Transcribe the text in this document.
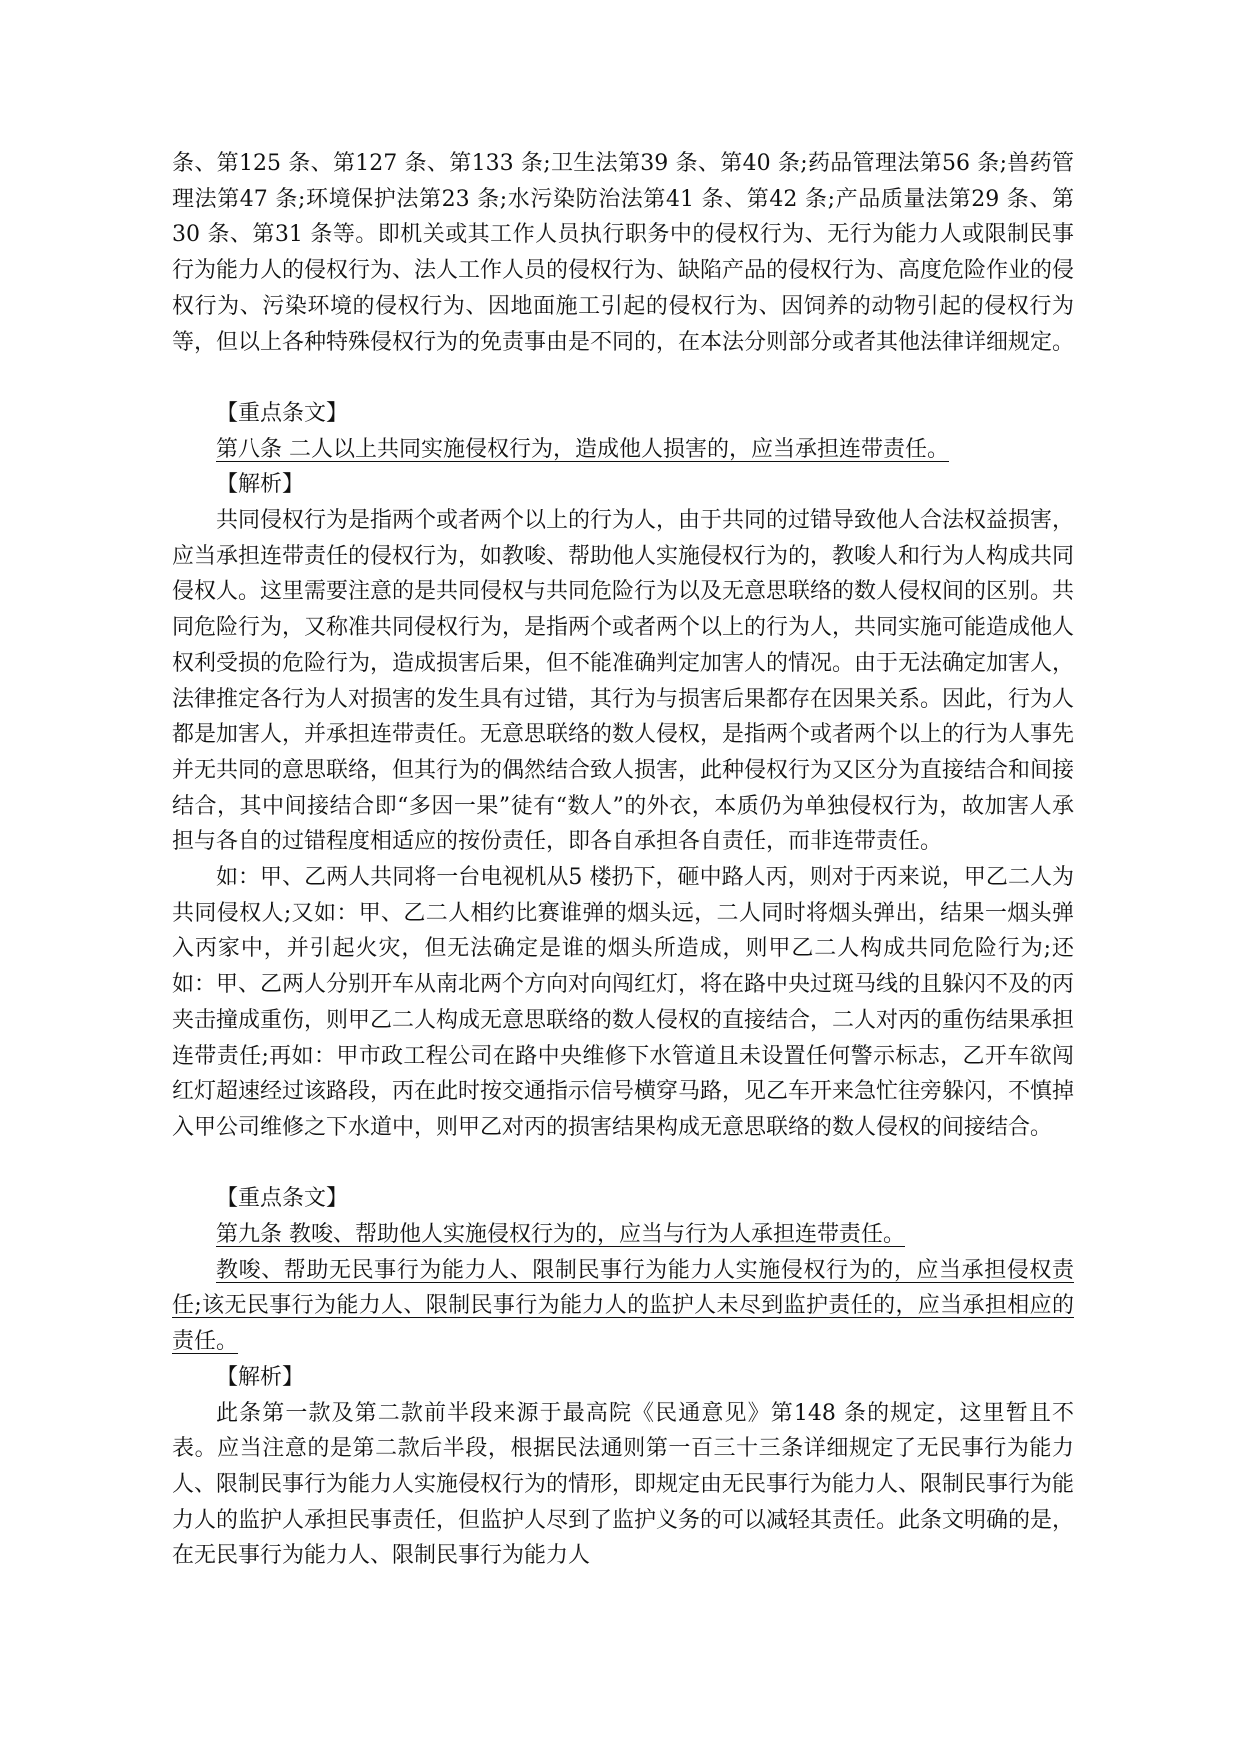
条、第125 条、第127 条、第133 条;卫生法第39 条、第40 条;药品管理法第56 条;兽药管理法第47 条;环境保护法第23 条;水污染防治法第41 条、第42 条;产品质量法第29 条、第30 条、第31 条等。即机关或其工作人员执行职务中的侵权行为、无行为能力人或限制民事行为能力人的侵权行为、法人工作人员的侵权行为、缺陷产品的侵权行为、高度危险作业的侵权行为、污染环境的侵权行为、因地面施工引起的侵权行为、因饲养的动物引起的侵权行为等，但以上各种特殊侵权行为的免责事由是不同的，在本法分则部分或者其他法律详细规定。

【重点条文】

第八条 二人以上共同实施侵权行为，造成他人损害的，应当承担连带责任。

【解析】

共同侵权行为是指两个或者两个以上的行为人，由于共同的过错导致他人合法权益损害，应当承担连带责任的侵权行为，如教唆、帮助他人实施侵权行为的，教唆人和行为人构成共同侵权人。这里需要注意的是共同侵权与共同危险行为以及无意思联络的数人侵权间的区别。共同危险行为，又称准共同侵权行为，是指两个或者两个以上的行为人，共同实施可能造成他人权利受损的危险行为，造成损害后果，但不能准确判定加害人的情况。由于无法确定加害人，法律推定各行为人对损害的发生具有过错，其行为与损害后果都存在因果关系。因此，行为人都是加害人，并承担连带责任。无意思联络的数人侵权，是指两个或者两个以上的行为人事先并无共同的意思联络，但其行为的偶然结合致人损害，此种侵权行为又区分为直接结合和间接结合，其中间接结合即“多因一果”徒有“数人”的外衣，本质仍为单独侵权行为，故加害人承担与各自的过错程度相适应的按份责任，即各自承担各自责任，而非连带责任。

如：甲、乙两人共同将一台电视机从5 楼扔下，砸中路人丙，则对于丙来说，甲乙二人为共同侵权人;又如：甲、乙二人相约比赛谁弹的烟头远，二人同时将烟头弹出，结果一烟头弹入丙家中，并引起火灾，但无法确定是谁的烟头所造成，则甲乙二人构成共同危险行为;还如：甲、乙两人分别开车从南北两个方向对向闯红灯，将在路中央过斑马线的且躲闪不及的丙夹击撞成重伤，则甲乙二人构成无意思联络的数人侵权的直接结合，二人对丙的重伤结果承担连带责任;再如：甲市政工程公司在路中央维修下水管道且未设置任何警示标志，乙开车欲闯红灯超速经过该路段，丙在此时按交通指示信号横穿马路，见乙车开来急忙往旁躲闪，不慎掉入甲公司维修之下水道中，则甲乙对丙的损害结果构成无意思联络的数人侵权的间接结合。

【重点条文】

第九条 教唆、帮助他人实施侵权行为的，应当与行为人承担连带责任。

教唆、帮助无民事行为能力人、限制民事行为能力人实施侵权行为的，应当承担侵权责任;该无民事行为能力人、限制民事行为能力人的监护人未尽到监护责任的，应当承担相应的责任。

【解析】

此条第一款及第二款前半段来源于最高院《民通意见》第148 条的规定，这里暂且不表。应当注意的是第二款后半段，根据民法通则第一百三十三条详细规定了无民事行为能力人、限制民事行为能力人实施侵权行为的情形，即规定由无民事行为能力人、限制民事行为能力人的监护人承担民事责任，但监护人尽到了监护义务的可以减轻其责任。此条文明确的是，在无民事行为能力人、限制民事行为能力人
